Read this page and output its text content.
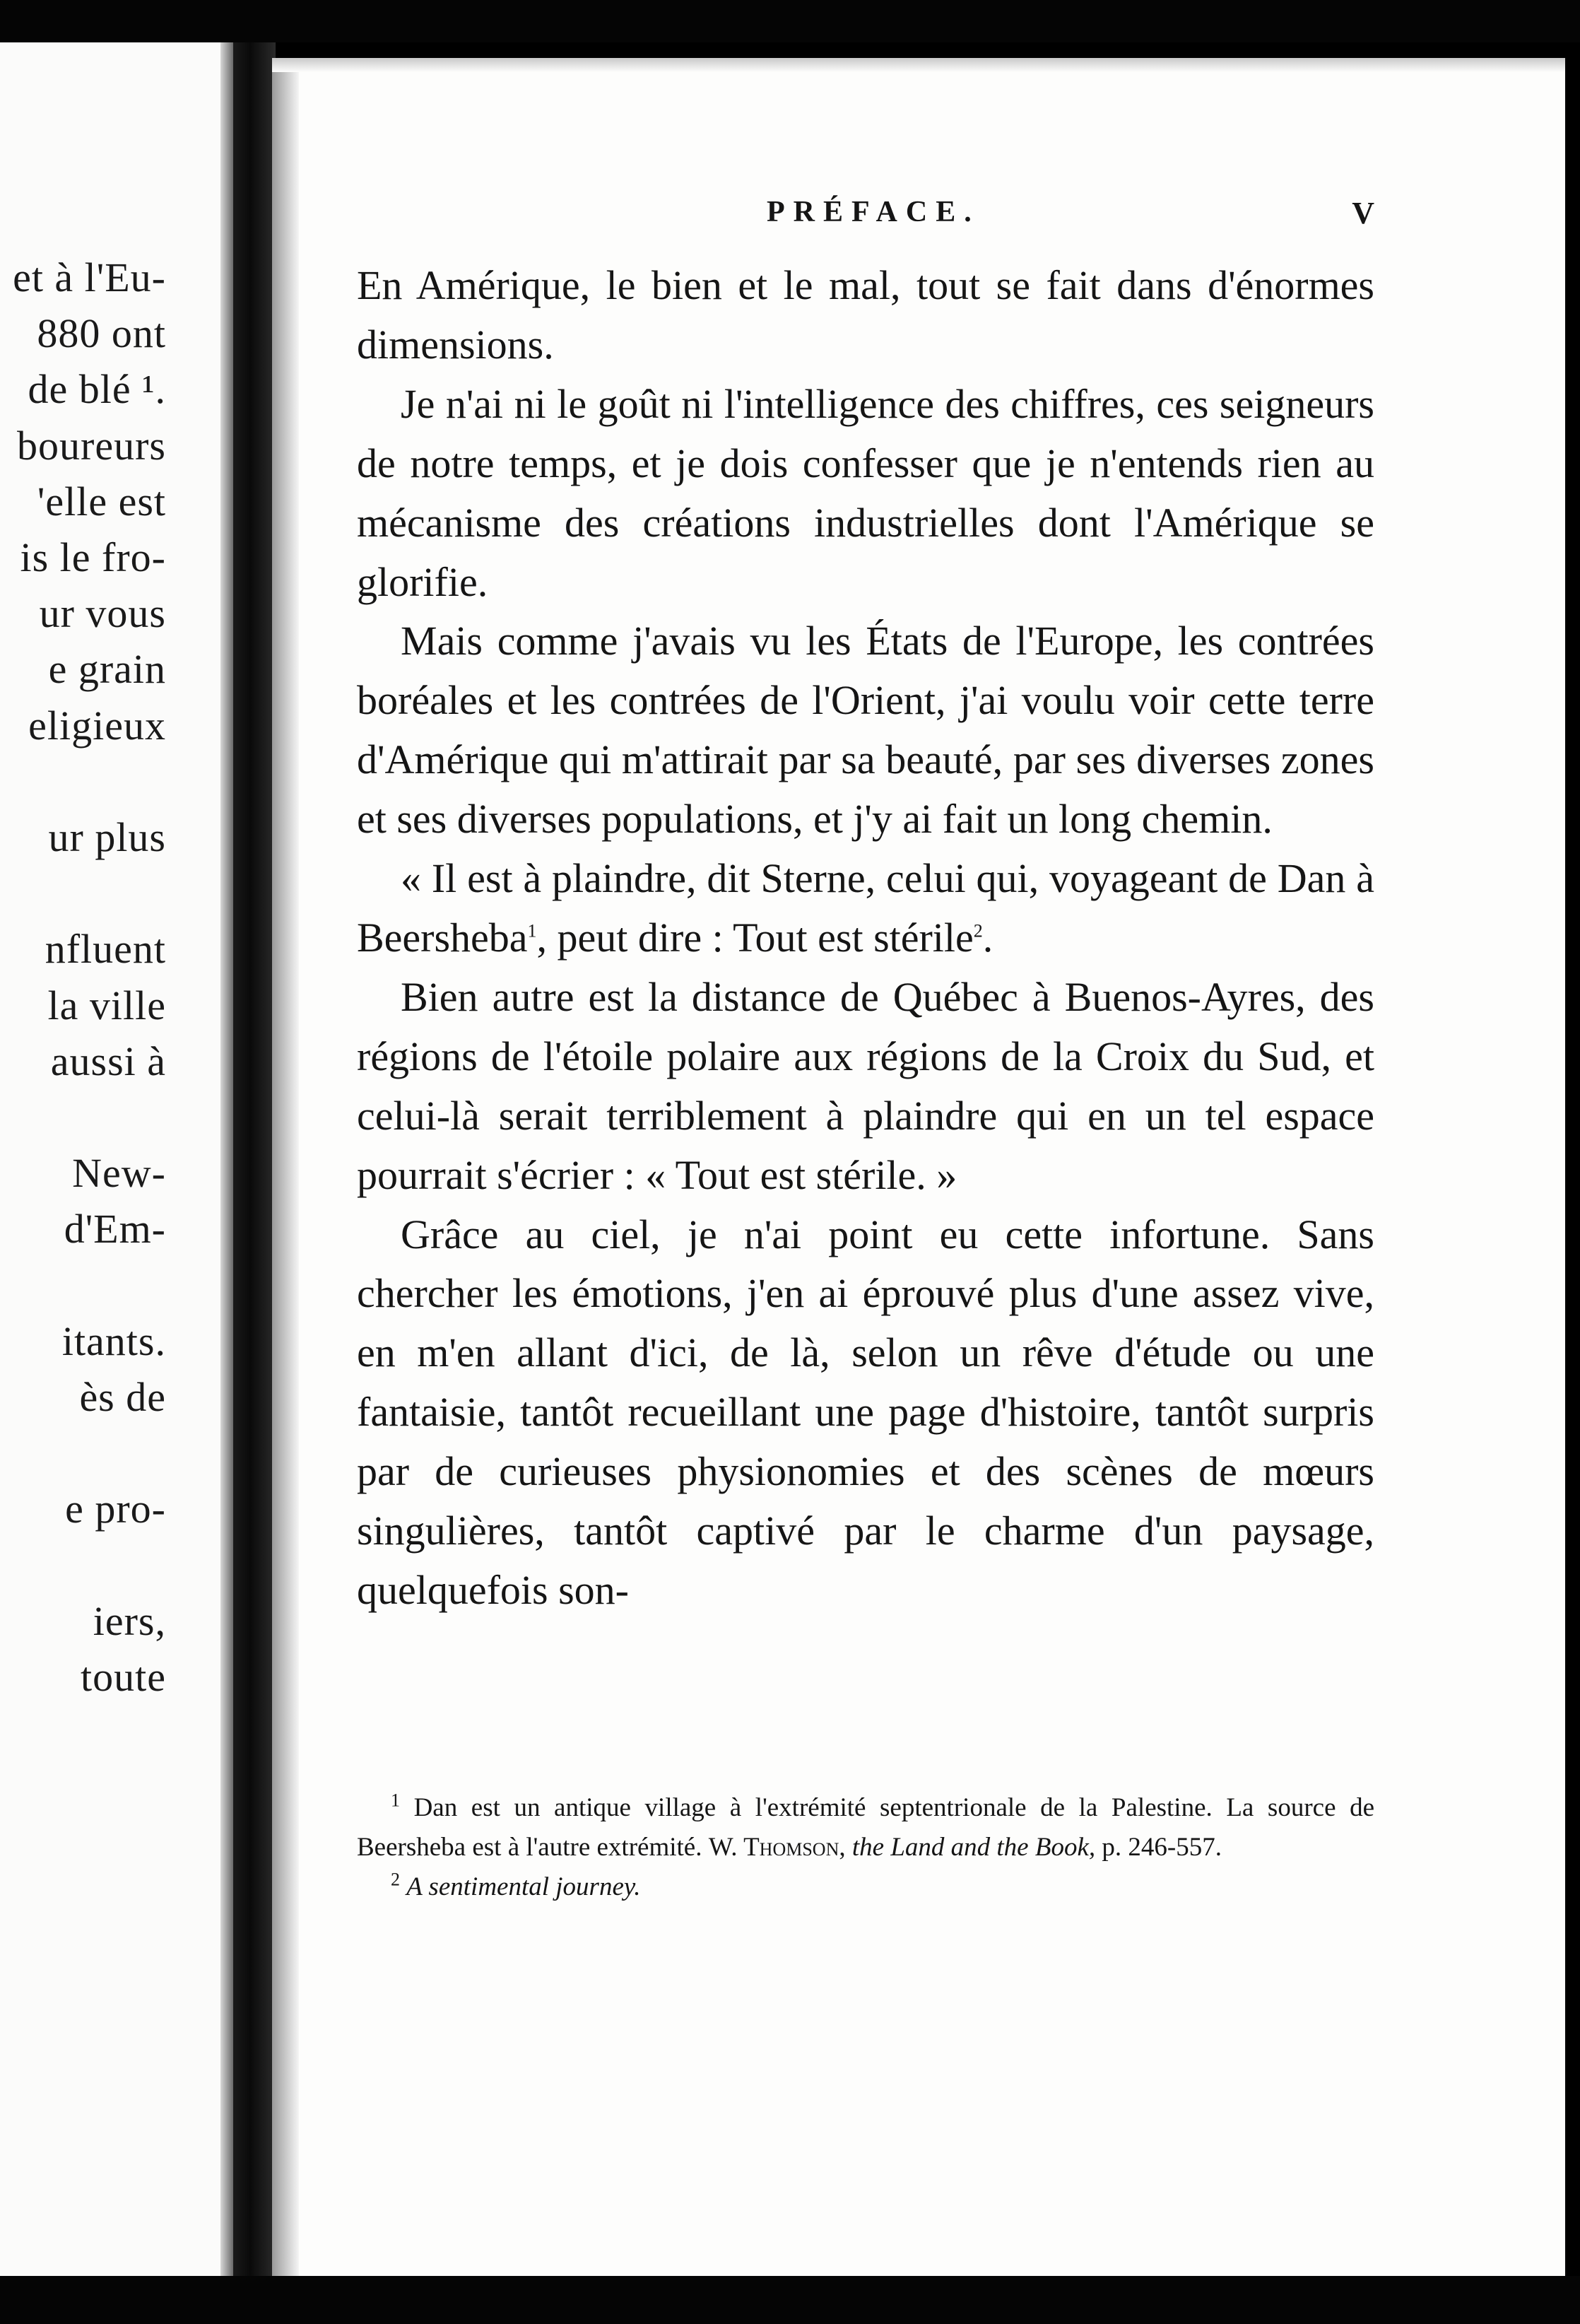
et à l'Eu-
880 ont
de blé ¹.
boureurs
'elle est
is le fro-
ur vous
e grain
eligieux
ur plus
nfluent
la ville
aussi à
New-
d'Em-
itants.
ès de
e pro-
iers,
toute
PRÉFACE.	V

En Amérique, le bien et le mal, tout se fait dans d'énormes dimensions.

Je n'ai ni le goût ni l'intelligence des chiffres, ces seigneurs de notre temps, et je dois confesser que je n'entends rien au mécanisme des créations industrielles dont l'Amérique se glorifie.

Mais comme j'avais vu les États de l'Europe, les contrées boréales et les contrées de l'Orient, j'ai voulu voir cette terre d'Amérique qui m'attirait par sa beauté, par ses diverses zones et ses diverses populations, et j'y ai fait un long chemin.

« Il est à plaindre, dit Sterne, celui qui, voyageant de Dan à Beersheba$^1$, peut dire : Tout est stérile$^2$.

Bien autre est la distance de Québec à Buenos-Ayres, des régions de l'étoile polaire aux régions de la Croix du Sud, et celui-là serait terriblement à plaindre qui en un tel espace pourrait s'écrier : « Tout est stérile. »

Grâce au ciel, je n'ai point eu cette infortune. Sans chercher les émotions, j'en ai éprouvé plus d'une assez vive, en m'en allant d'ici, de là, selon un rêve d'étude ou une fantaisie, tantôt recueillant une page d'histoire, tantôt surpris par de curieuses physionomies et des scènes de mœurs singulières, tantôt captivé par le charme d'un paysage, quelquefois son-

$^1$ Dan est un antique village à l'extrémité septentrionale de la Palestine. La source de Beersheba est à l'autre extrémité. W. Thomson, the Land and the Book, p. 246-557.

$^2$ A sentimental journey.
